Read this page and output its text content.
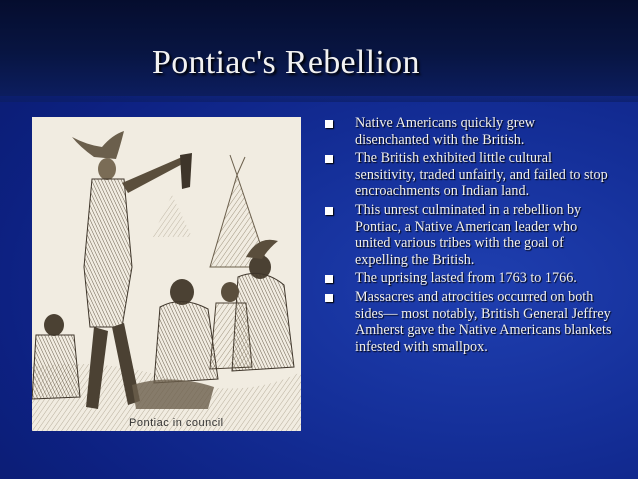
Pontiac's Rebellion
Pontiac in council
Native Americans quickly grew disenchanted with the British.
The British exhibited little cultural sensitivity, traded unfairly, and failed to stop encroachments on Indian land.
This unrest culminated in a rebellion by Pontiac, a Native American leader who united various tribes with the goal of expelling the British.
The uprising lasted from 1763 to 1766.
Massacres and atrocities occurred on both sides— most notably, British General Jeffrey Amherst gave the Native Americans blankets infested with smallpox.
